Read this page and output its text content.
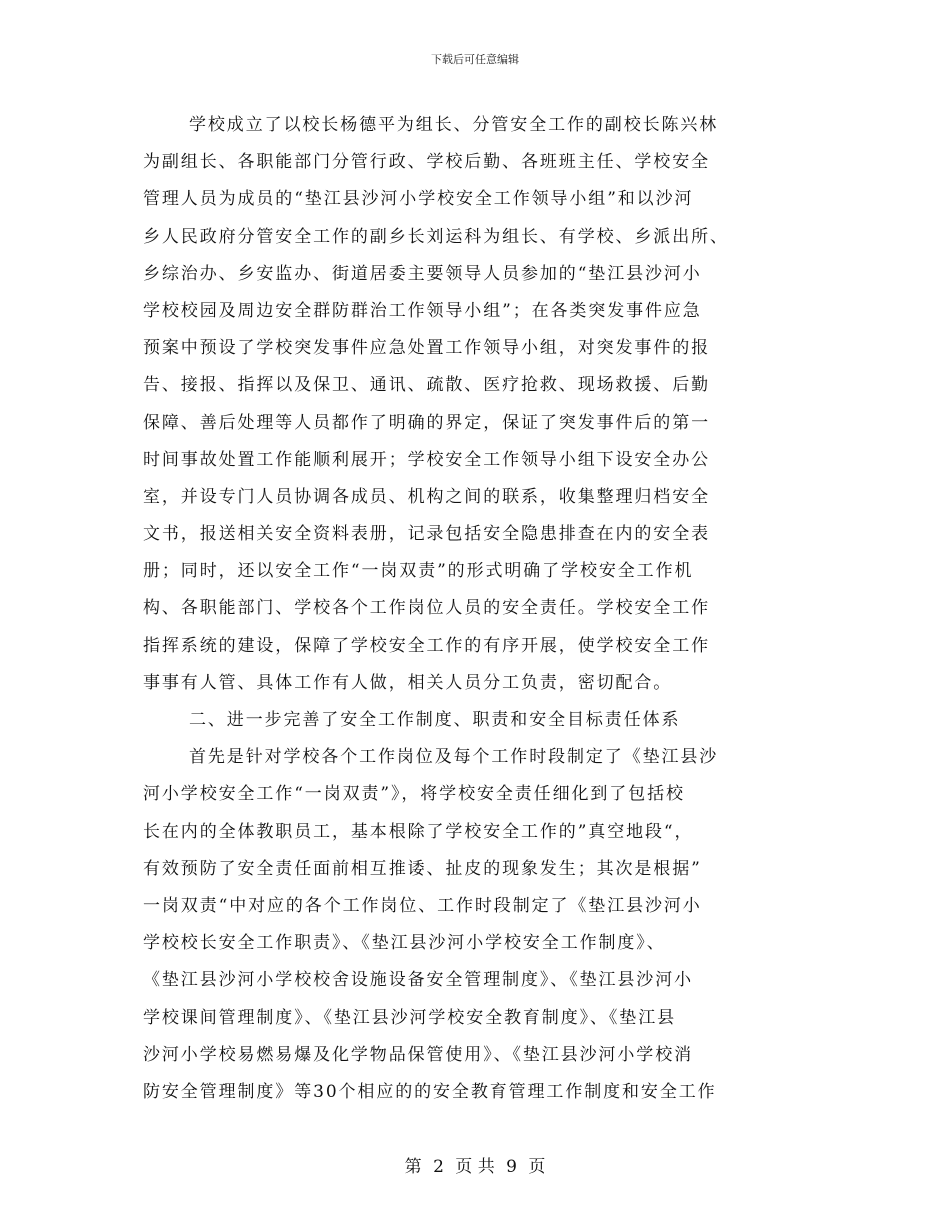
下载后可任意编辑
学校成立了以校长杨德平为组长、分管安全工作的副校长陈兴林
为副组长、各职能部门分管行政、学校后勤、各班班主任、学校安全
管理人员为成员的“垫江县沙河小学校安全工作领导小组”和以沙河
乡人民政府分管安全工作的副乡长刘运科为组长、有学校、乡派出所、
乡综治办、乡安监办、街道居委主要领导人员参加的“垫江县沙河小
学校校园及周边安全群防群治工作领导小组”；在各类突发事件应急
预案中预设了学校突发事件应急处置工作领导小组，对突发事件的报
告、接报、指挥以及保卫、通讯、疏散、医疗抢救、现场救援、后勤
保障、善后处理等人员都作了明确的界定，保证了突发事件后的第一
时间事故处置工作能顺利展开；学校安全工作领导小组下设安全办公
室，并设专门人员协调各成员、机构之间的联系，收集整理归档安全
文书，报送相关安全资料表册，记录包括安全隐患排查在内的安全表
册；同时，还以安全工作“一岗双责”的形式明确了学校安全工作机
构、各职能部门、学校各个工作岗位人员的安全责任。学校安全工作
指挥系统的建设，保障了学校安全工作的有序开展，使学校安全工作
事事有人管、具体工作有人做，相关人员分工负责，密切配合。
二、进一步完善了安全工作制度、职责和安全目标责任体系
首先是针对学校各个工作岗位及每个工作时段制定了《垫江县沙
河小学校安全工作“一岗双责”》，将学校安全责任细化到了包括校
长在内的全体教职员工，基本根除了学校安全工作的”真空地段“，
有效预防了安全责任面前相互推诿、扯皮的现象发生；其次是根据”
一岗双责“中对应的各个工作岗位、工作时段制定了《垫江县沙河小
学校校长安全工作职责》、《垫江县沙河小学校安全工作制度》、
《垫江县沙河小学校校舍设施设备安全管理制度》、《垫江县沙河小
学校课间管理制度》、《垫江县沙河学校安全教育制度》、《垫江县
沙河小学校易燃易爆及化学物品保管使用》、《垫江县沙河小学校消
防安全管理制度》等30个相应的的安全教育管理工作制度和安全工作
第 2 页 共 9 页
